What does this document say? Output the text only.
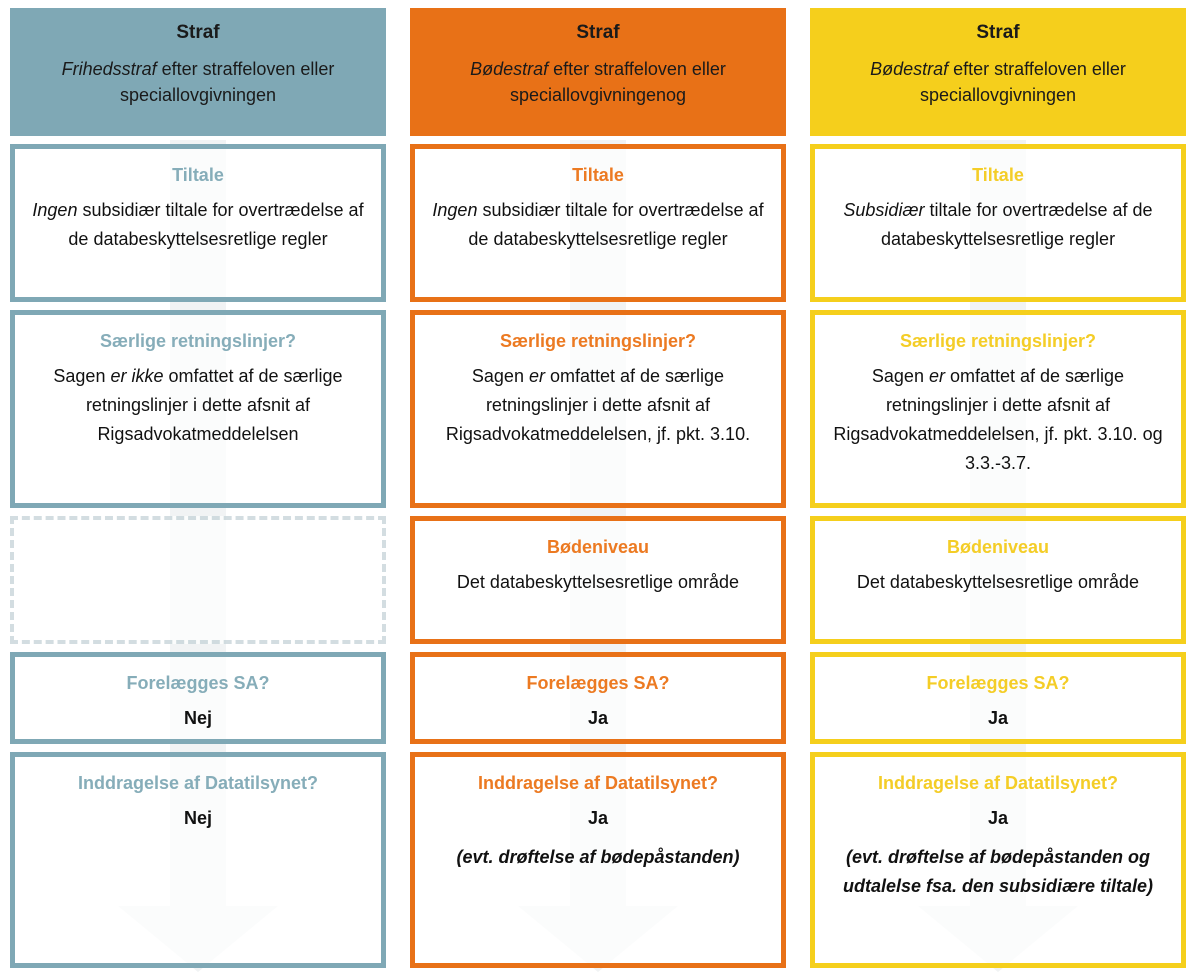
Straf
Frihedsstraf efter straffeloven eller speciallovgivningen
Tiltale
Ingen subsidiær tiltale for overtrædelse af de databeskyttelsesretlige regler
Særlige retningslinjer?
Sagen er ikke omfattet af de særlige retningslinjer i dette afsnit af Rigsadvokatmeddelelsen
Forelægges SA?
Nej
Inddragelse af Datatilsynet?
Nej
Straf
Bødestraf efter straffeloven eller speciallovgivningenog
Tiltale
Ingen subsidiær tiltale for overtrædelse af de databeskyttelsesretlige regler
Særlige retningslinjer?
Sagen er omfattet af de særlige retningslinjer i dette afsnit af Rigsadvokatmeddelelsen, jf. pkt. 3.10.
Bødeniveau
Det databeskyttelsesretlige område
Forelægges SA?
Ja
Inddragelse af Datatilsynet?
Ja
(evt. drøftelse af bødepåstanden)
Straf
Bødestraf efter straffeloven eller speciallovgivningen
Tiltale
Subsidiær tiltale for overtrædelse af de databeskyttelsesretlige regler
Særlige retningslinjer?
Sagen er omfattet af de særlige retningslinjer i dette afsnit af Rigsadvokatmeddelelsen, jf. pkt. 3.10. og 3.3.-3.7.
Bødeniveau
Det databeskyttelsesretlige område
Forelægges SA?
Ja
Inddragelse af Datatilsynet?
Ja
(evt. drøftelse af bødepåstanden og udtalelse fsa. den subsidiære tiltale)
